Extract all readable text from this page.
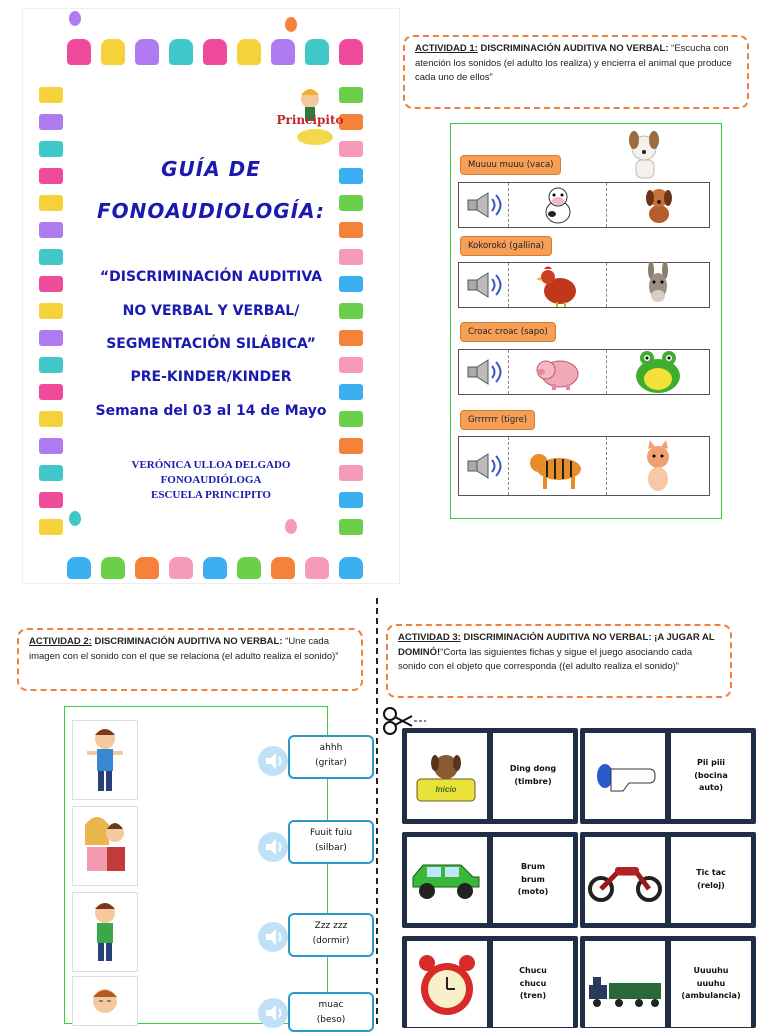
Principito
GUÍA DE
FONOAUDIOLOGÍA:
“DISCRIMINACIÓN AUDITIVA
NO VERBAL Y VERBAL/
SEGMENTACIÓN SILÁBICA”
PRE-KINDER/KINDER
Semana del 03 al 14 de Mayo
VERÓNICA ULLOA DELGADO
FONOAUDIÓLOGA
ESCUELA PRINCIPITO
ACTIVIDAD 1: DISCRIMINACIÓN AUDITIVA NO VERBAL: “Escucha con atención los sonidos (el adulto los realiza) y encierra el animal que produce cada uno de ellos”
Muuuu muuu (vaca)
Kokorokó (gallina)
Croac croac (sapo)
Grrrrrrr (tigre)
ACTIVIDAD 2: DISCRIMINACIÓN AUDITIVA NO VERBAL: “Une cada imagen con el sonido con el que se relaciona (el adulto realiza el sonido)”
ahhh
(gritar)
Fuuit fuiu
(silbar)
Zzz zzz
(dormir)
muac
(beso)
ACTIVIDAD 3: DISCRIMINACIÓN AUDITIVA NO VERBAL: ¡A JUGAR AL DOMINÓ!“Corta las siguientes fichas y sigue el juego asociando cada sonido con el objeto que corresponda ((el adulto realiza el sonido)”
Inicio
Ding dong
(timbre)
Pii piii
(bocina
auto)
Brum
brum
(moto)
Tic tac
(reloj)
Chucu
chucu
(tren)
Uuuuhu
uuuhu
(ambulancia)
